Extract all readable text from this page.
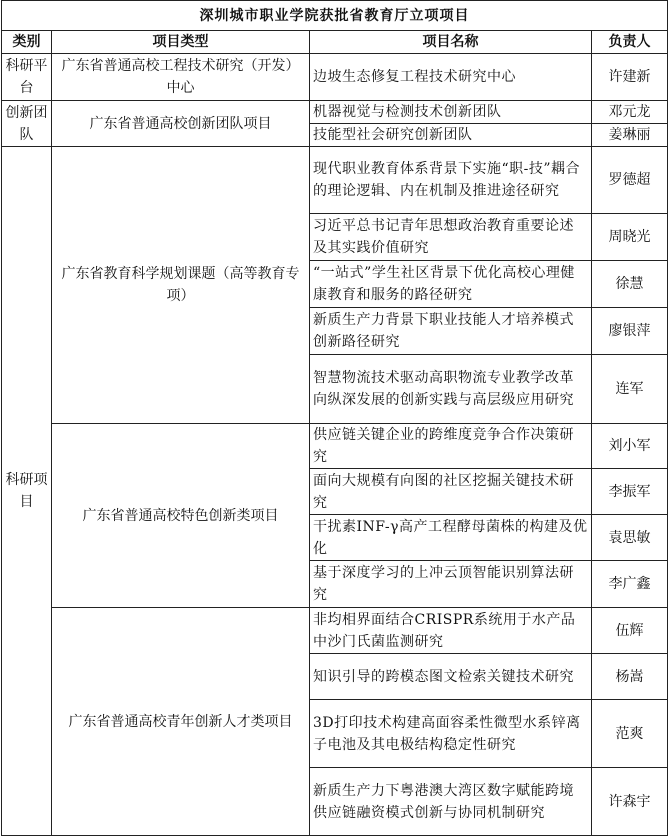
深圳城市职业学院获批省教育厅立项项目			
类别	项目类型	项目名称	负责人
科研平台	广东省普通高校工程技术研究（开发）中心	边坡生态修复工程技术研究中心	许建新
创新团队	广东省普通高校创新团队项目	机器视觉与检测技术创新团队	邓元龙
		技能型社会研究创新团队	姜琳丽
科研项目	广东省教育科学规划课题（高等教育专项）	现代职业教育体系背景下实施“职-技”耦合的理论逻辑、内在机制及推进途径研究	罗德超
		习近平总书记青年思想政治教育重要论述及其实践价值研究	周晓光
		“一站式”学生社区背景下优化高校心理健康教育和服务的路径研究	徐慧
		新质生产力背景下职业技能人才培养模式创新路径研究	廖银萍
		智慧物流技术驱动高职物流专业教学改革向纵深发展的创新实践与高层级应用研究	连军
	广东省普通高校特色创新类项目	供应链关键企业的跨维度竞争合作决策研究	刘小军
		面向大规模有向图的社区挖掘关键技术研究	李振军
		干扰素INF-γ高产工程酵母菌株的构建及优化	袁思敏
		基于深度学习的上冲云顶智能识别算法研究	李广鑫
	广东省普通高校青年创新人才类项目	非均相界面结合CRISPR系统用于水产品中沙门氏菌监测研究	伍辉
		知识引导的跨模态图文检索关键技术研究	杨嵩
		3D打印技术构建高面容柔性微型水系锌离子电池及其电极结构稳定性研究	范爽
		新质生产力下粤港澳大湾区数字赋能跨境供应链融资模式创新与协同机制研究	许森宇
